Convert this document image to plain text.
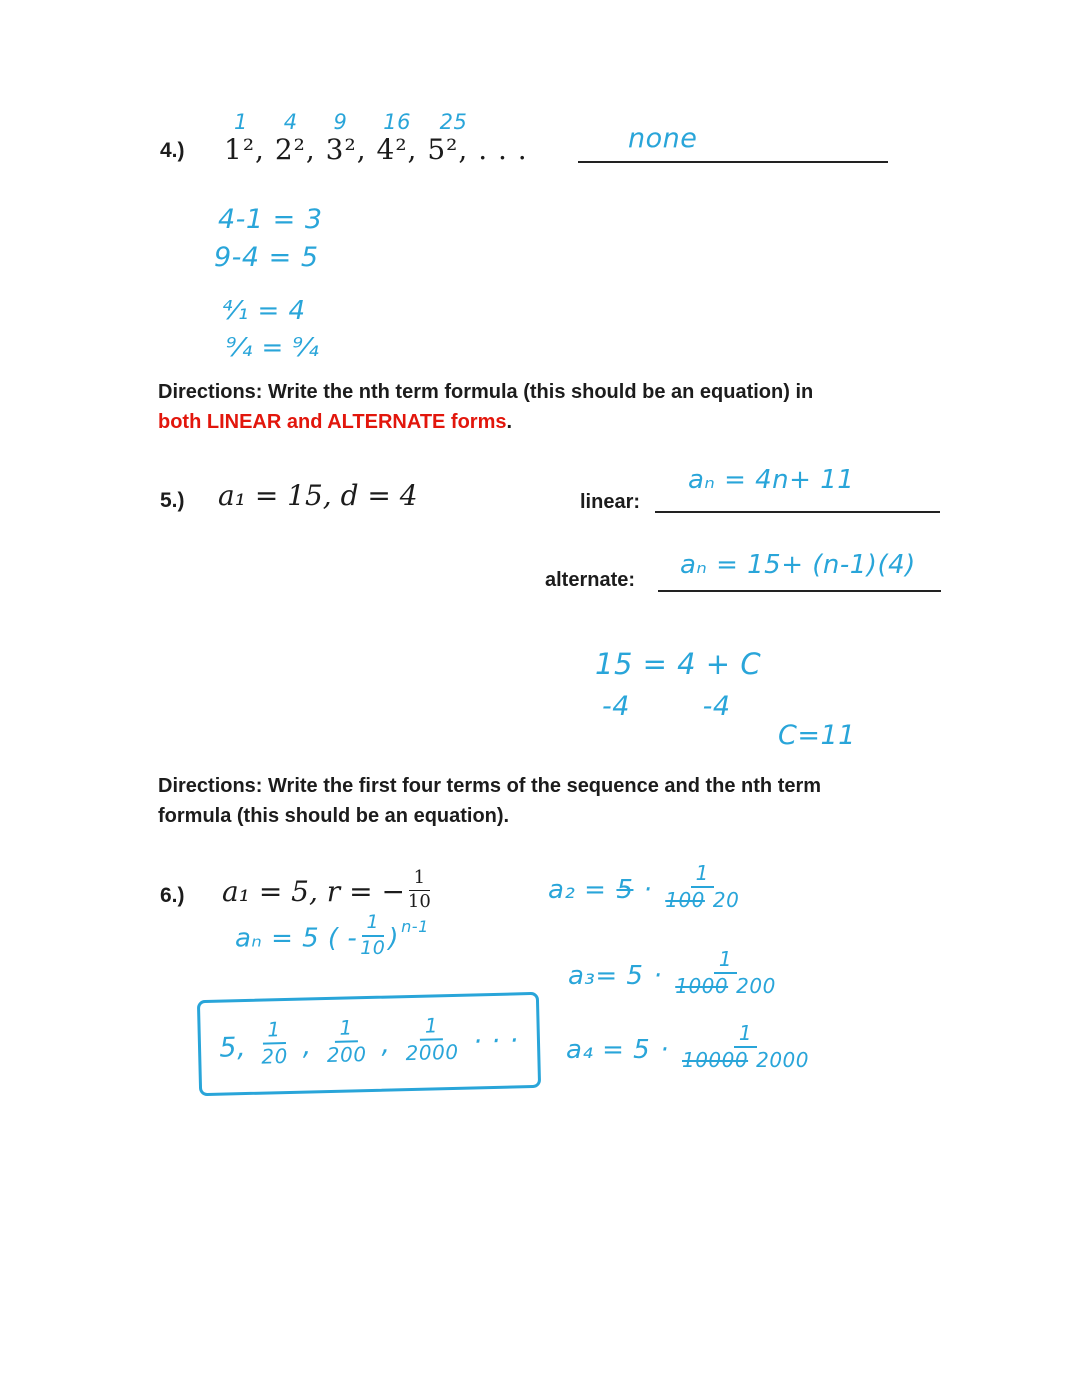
4.)
1     4     9     16    25
1², 2², 3², 4², 5², . . .	none
4-1 = 3
9-4 = 5
⁴⁄₁ = 4
⁹⁄₄ = ⁹⁄₄
Directions: Write the nth term formula (this should be an equation) in
both LINEAR and ALTERNATE forms.
5.) a₁ = 15, d = 4	linear:
aₙ = 4n+ 11
alternate: aₙ = 15+ (n-1)(4)
15 = 4 + C
-4        -4
C=11
Directions: Write the first four terms of the sequence and the nth term
formula (this should be an equation).
6.) a₁ = 5, r = − $\frac{1}{10}$
aₙ = 5 ( - $\frac{1}{10}$ ) $^{n-1}$
$a_2 = 5 \cdot \frac{1}{100 20}$
$a_3= 5 \cdot \frac{1}{1000 200}$
$a_4 = 5 \cdot \frac{1}{10000 2000}$
5, $\frac{1}{20}$ , $\frac{1}{200}$ , $\frac{1}{2000}$ · · ·
